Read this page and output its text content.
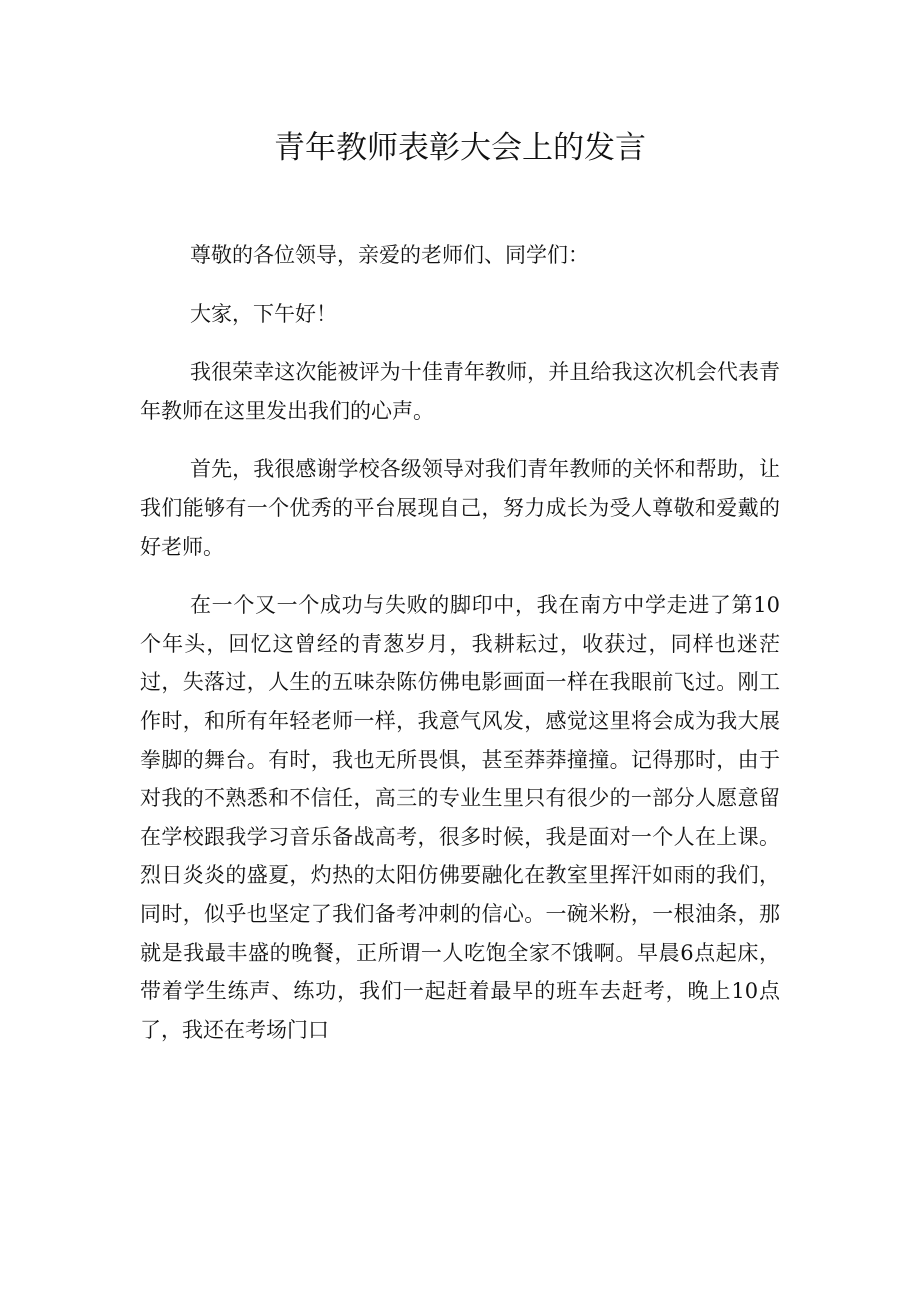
青年教师表彰大会上的发言

尊敬的各位领导，亲爱的老师们、同学们：

大家，下午好！

我很荣幸这次能被评为十佳青年教师，并且给我这次机会代表青年教师在这里发出我们的心声。

首先，我很感谢学校各级领导对我们青年教师的关怀和帮助，让我们能够有一个优秀的平台展现自己，努力成长为受人尊敬和爱戴的好老师。

在一个又一个成功与失败的脚印中，我在南方中学走进了第10个年头，回忆这曾经的青葱岁月，我耕耘过，收获过，同样也迷茫过，失落过，人生的五味杂陈仿佛电影画面一样在我眼前飞过。刚工作时，和所有年轻老师一样，我意气风发，感觉这里将会成为我大展拳脚的舞台。有时，我也无所畏惧，甚至莽莽撞撞。记得那时，由于对我的不熟悉和不信任，高三的专业生里只有很少的一部分人愿意留在学校跟我学习音乐备战高考，很多时候，我是面对一个人在上课。烈日炎炎的盛夏，灼热的太阳仿佛要融化在教室里挥汗如雨的我们，同时，似乎也坚定了我们备考冲刺的信心。一碗米粉，一根油条，那就是我最丰盛的晚餐，正所谓一人吃饱全家不饿啊。早晨6点起床，带着学生练声、练功，我们一起赶着最早的班车去赶考，晚上10点了，我还在考场门口
